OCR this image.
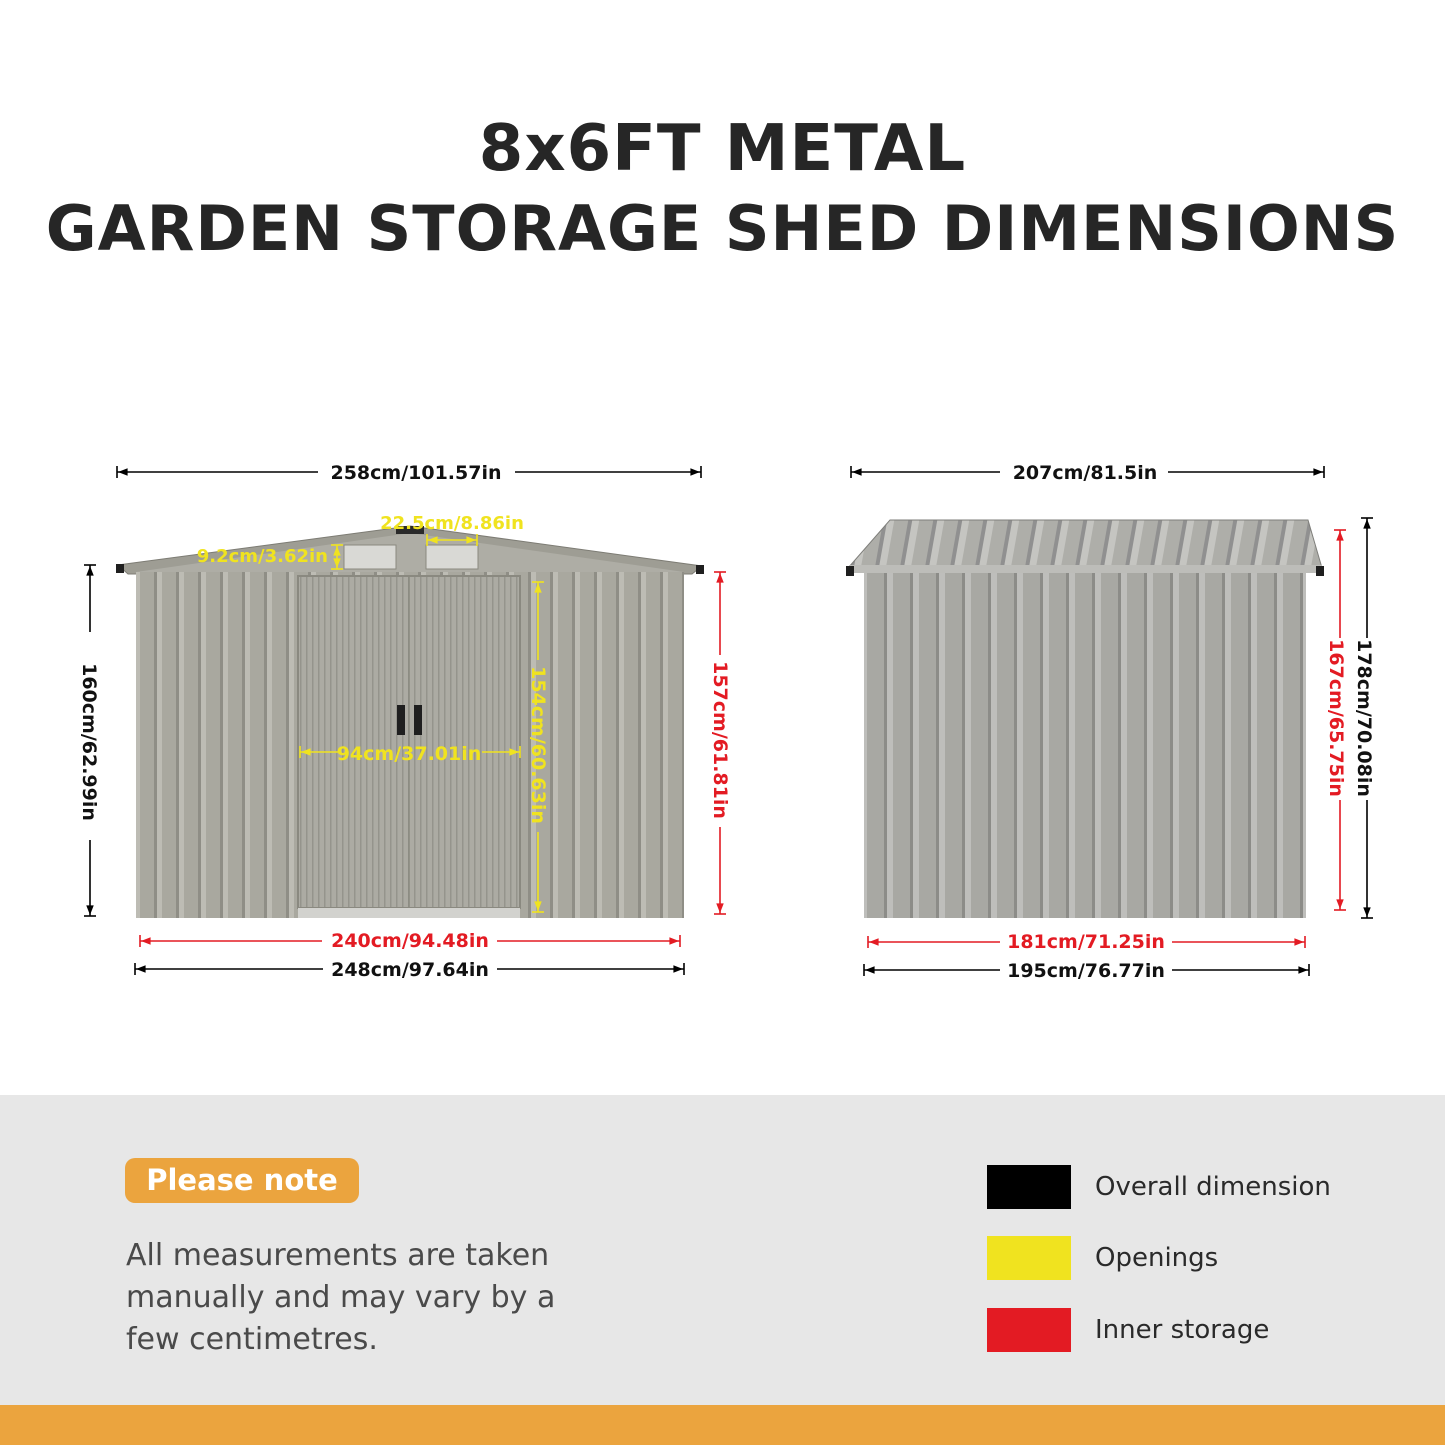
8x6FT METAL
GARDEN STORAGE SHED DIMENSIONS
258cm/101.57in
22.5cm/8.86in
9.2cm/3.62in
160cm/62.99in	154cm/60.63in
94cm/37.01in	157cm/61.81in
240cm/94.48in
248cm/97.64in
207cm/81.5in
178cm/70.08in
167cm/65.75in
181cm/71.25in
195cm/76.77in
Please note
All measurements are taken manually and may vary by a few centimetres.
Overall dimension
Openings
Inner storage
